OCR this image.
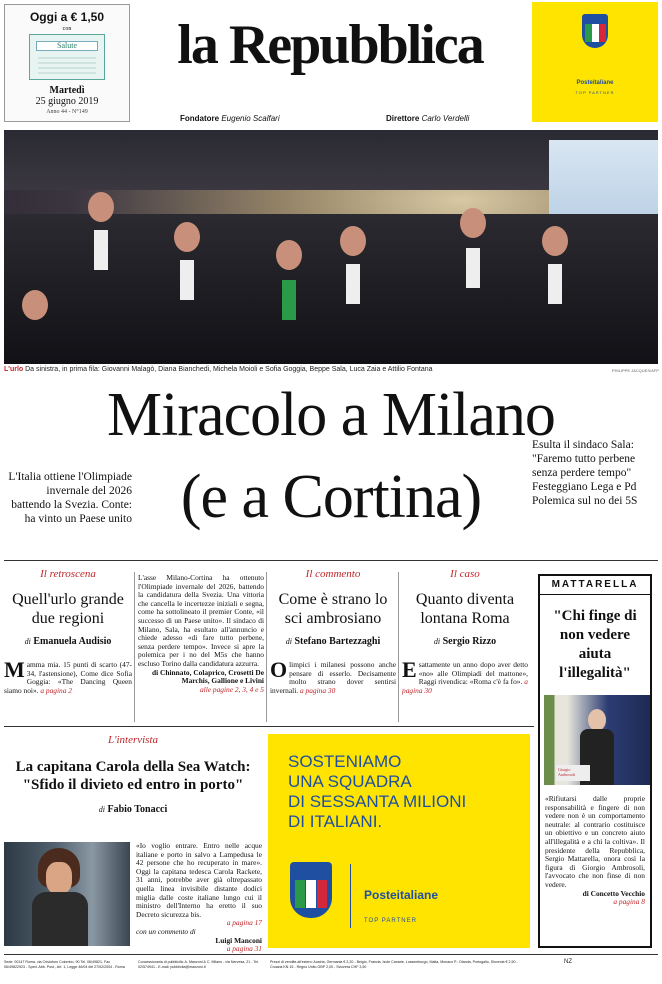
Oggi a € 1,50
con
Salute
Martedì
25 giugno 2019
Anno 44 - N°149
la Repubblica
Fondatore Eugenio Scalfari	Direttore Carlo Verdelli
Posteitaliane
TOP PARTNER
L'urlo Da sinistra, in prima fila: Giovanni Malagò, Diana Bianchedi, Michela Moioli e Sofia Goggia, Beppe Sala, Luca Zaia e Attilio Fontana	PHILIPPE JACQUES/AFP
Miracolo a Milano
(e a Cortina)
L'Italia ottiene l'Olimpiade invernale del 2026 battendo la Svezia. Conte: ha vinto un Paese unito
Esulta il sindaco Sala: "Faremo tutto perbene senza perdere tempo" Festeggiano Lega e Pd Polemica sul no dei 5S
Il retroscena
Quell'urlo grande due regioni
di Emanuela Audisio
M amma mia. 15 punti di scarto (47-34, l'astensione), Come dice Sofia Goggia: «The Dancing Queen siamo noi». a pagina 2
L'asse Milano-Cortina ha ottenuto l'Olimpiade invernale del 2026, battendo la candidatura della Svezia. Una vittoria che cancella le incertezze iniziali e segna, come ha sottolineato il premier Conte, «il successo di un Paese unito». Il sindaco di Milano, Sala, ha esultato all'annuncio e chiede adesso «di fare tutto perbene, senza perdere tempo». Invece si apre la polemica per i no del M5s che hanno escluso Torino dalla candidatura azzurra.
di Chinnato, Colaprico, Crosetti De Marchis, Gallione e Livini
alle pagine 2, 3, 4 e 5
Il commento
Come è strano lo sci ambrosiano
di Stefano Bartezzaghi
O limpici i milanesi possono anche pensare di esserlo. Decisamente molto strano dover sentirsi invernali. a pagina 30
Il caso
Quanto diventa lontana Roma
di Sergio Rizzo
E sattamente un anno dopo aver detto «no» alle Olimpiadi del mattone», Raggi rivendica: «Roma c'è fa fo». a pagina 30
MATTARELLA
"Chi finge di non vedere aiuta l'illegalità"
Giorgio Ambrosoli
«Rifiutarsi dalle proprie responsabilità e fingere di non vedere non è un comportamento neutrale: al contrario costituisce un obiettivo e un concreto aiuto all'illegalità e a chi la coltiva». Il presidente della Repubblica, Sergio Mattarella, onora così la figura di Giorgio Ambrosoli, l'avvocato che non finse di non vedere.
di Concetto Vecchio
a pagina 8
L'intervista
La capitana Carola della Sea Watch: "Sfido il divieto ed entro in porto"
di Fabio Tonacci
«Io voglio entrare. Entro nelle acque italiane e porto in salvo a Lampedusa le 42 persone che ho recuperato in mare». Oggi la capitana tedesca Carola Rackete, 31 anni, potrebbe aver già oltrepassato quella linea invisibile distante dodici miglia dalle coste italiane lungo cui il ministro dell'Interno ha eretto il suo Decreto sicurezza bis.
a pagina 17
con un commento di
Luigi Manconi
a pagina 31
SOSTENIAMO
UNA SQUADRA
DI SESSANTA MILIONI
DI ITALIANI.
Posteitaliane
TOP PARTNER
Sede: 00147 Roma, via Cristoforo Colombo, 90 Tel. 06/49821, Fax 06/49822923 - Sped. Abb. Post., Art. 1, Legge 46/04 del 27/02/2004 - Roma
Concessionaria di pubblicità: A. Manzoni & C. Milano - via Nervesa, 21 - Tel. 02/574941 - E-mail: pubblicita@manzoni.it
Prezzi di vendita all'estero: Austria, Germania € 2,20 - Belgio, Francia, Isole Canarie, Lussemburgo, Malta, Monaco P., Olanda, Portogallo, Slovenia € 2,50 - Croazia KN 15 - Regno Unito GBP 2,00 - Svizzera CHF 3,50
NZ
